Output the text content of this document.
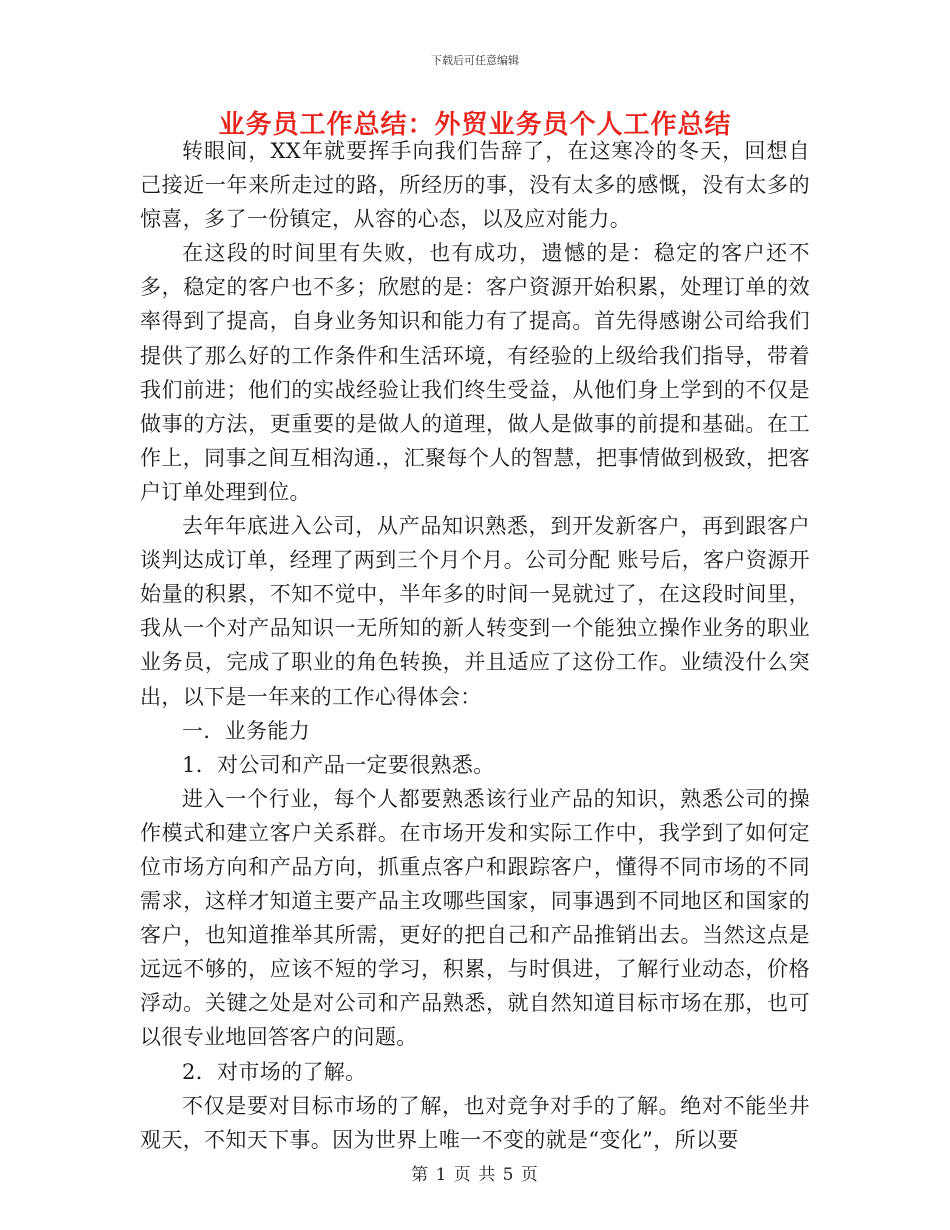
下载后可任意编辑
业务员工作总结：外贸业务员个人工作总结

转眼间，XX年就要挥手向我们告辞了，在这寒冷的冬天，回想自己接近一年来所走过的路，所经历的事，没有太多的感慨，没有太多的惊喜，多了一份镇定，从容的心态，以及应对能力。

在这段的时间里有失败，也有成功，遗憾的是：稳定的客户还不多，稳定的客户也不多；欣慰的是：客户资源开始积累，处理订单的效率得到了提高，自身业务知识和能力有了提高。首先得感谢公司给我们提供了那么好的工作条件和生活环境，有经验的上级给我们指导，带着我们前进；他们的实战经验让我们终生受益，从他们身上学到的不仅是做事的方法，更重要的是做人的道理，做人是做事的前提和基础。在工作上，同事之间互相沟通.，汇聚每个人的智慧，把事情做到极致，把客户订单处理到位。

去年年底进入公司，从产品知识熟悉，到开发新客户，再到跟客户谈判达成订单，经理了两到三个月个月。公司分配 账号后，客户资源开始量的积累，不知不觉中，半年多的时间一晃就过了，在这段时间里，我从一个对产品知识一无所知的新人转变到一个能独立操作业务的职业业务员，完成了职业的角色转换，并且适应了这份工作。业绩没什么突出，以下是一年来的工作心得体会：

一．业务能力

1．对公司和产品一定要很熟悉。

进入一个行业，每个人都要熟悉该行业产品的知识，熟悉公司的操作模式和建立客户关系群。在市场开发和实际工作中，我学到了如何定位市场方向和产品方向，抓重点客户和跟踪客户，懂得不同市场的不同需求，这样才知道主要产品主攻哪些国家，同事遇到不同地区和国家的客户，也知道推举其所需，更好的把自己和产品推销出去。当然这点是远远不够的，应该不短的学习，积累，与时俱进，了解行业动态，价格浮动。关键之处是对公司和产品熟悉，就自然知道目标市场在那，也可以很专业地回答客户的问题。

2．对市场的了解。

不仅是要对目标市场的了解，也对竞争对手的了解。绝对不能坐井观天，不知天下事。因为世界上唯一不变的就是“变化”，所以要

第 1 页 共 5 页
